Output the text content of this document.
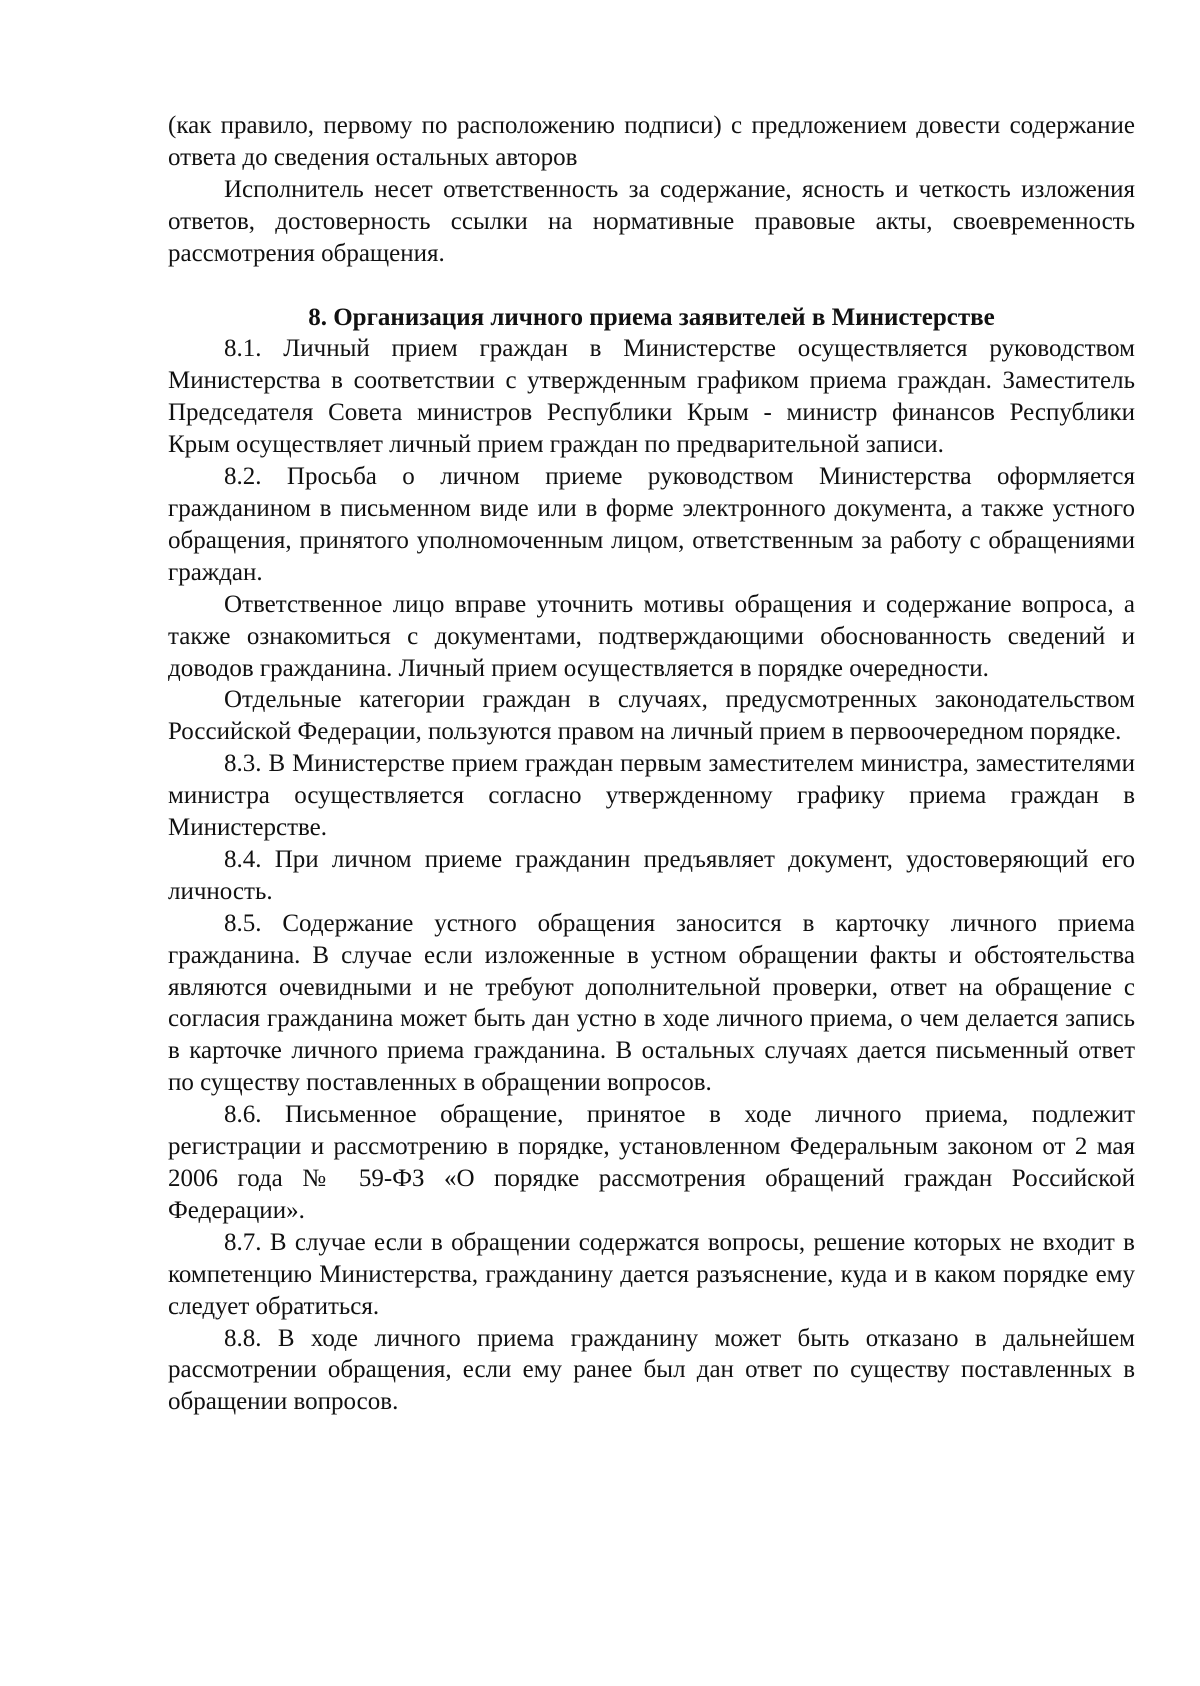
(как правило, первому по расположению подписи) с предложением довести содержание ответа до сведения остальных авторов

Исполнитель несет ответственность за содержание, ясность и четкость изложения ответов, достоверность ссылки на нормативные правовые акты, своевременность рассмотрения обращения.

8. Организация личного приема заявителей в Министерстве

8.1. Личный прием граждан в Министерстве осуществляется руководством Министерства в соответствии с утвержденным графиком приема граждан. Заместитель Председателя Совета министров Республики Крым - министр финансов Республики Крым осуществляет личный прием граждан по предварительной записи.

8.2. Просьба о личном приеме руководством Министерства оформляется гражданином в письменном виде или в форме электронного документа, а также устного обращения, принятого уполномоченным лицом, ответственным за работу с обращениями граждан.

Ответственное лицо вправе уточнить мотивы обращения и содержание вопроса, а также ознакомиться с документами, подтверждающими обоснованность сведений и доводов гражданина. Личный прием осуществляется в порядке очередности.

Отдельные категории граждан в случаях, предусмотренных законодательством Российской Федерации, пользуются правом на личный прием в первоочередном порядке.

8.3. В Министерстве прием граждан первым заместителем министра, заместителями министра осуществляется согласно утвержденному графику приема граждан в Министерстве.

8.4. При личном приеме гражданин предъявляет документ, удостоверяющий его личность.

8.5. Содержание устного обращения заносится в карточку личного приема гражданина. В случае если изложенные в устном обращении факты и обстоятельства являются очевидными и не требуют дополнительной проверки, ответ на обращение с согласия гражданина может быть дан устно в ходе личного приема, о чем делается запись в карточке личного приема гражданина. В остальных случаях дается письменный ответ по существу поставленных в обращении вопросов.

8.6. Письменное обращение, принятое в ходе личного приема, подлежит регистрации и рассмотрению в порядке, установленном Федеральным законом от 2 мая 2006 года № 59-ФЗ «О порядке рассмотрения обращений граждан Российской Федерации».

8.7. В случае если в обращении содержатся вопросы, решение которых не входит в компетенцию Министерства, гражданину дается разъяснение, куда и в каком порядке ему следует обратиться.

8.8. В ходе личного приема гражданину может быть отказано в дальнейшем рассмотрении обращения, если ему ранее был дан ответ по существу поставленных в обращении вопросов.
